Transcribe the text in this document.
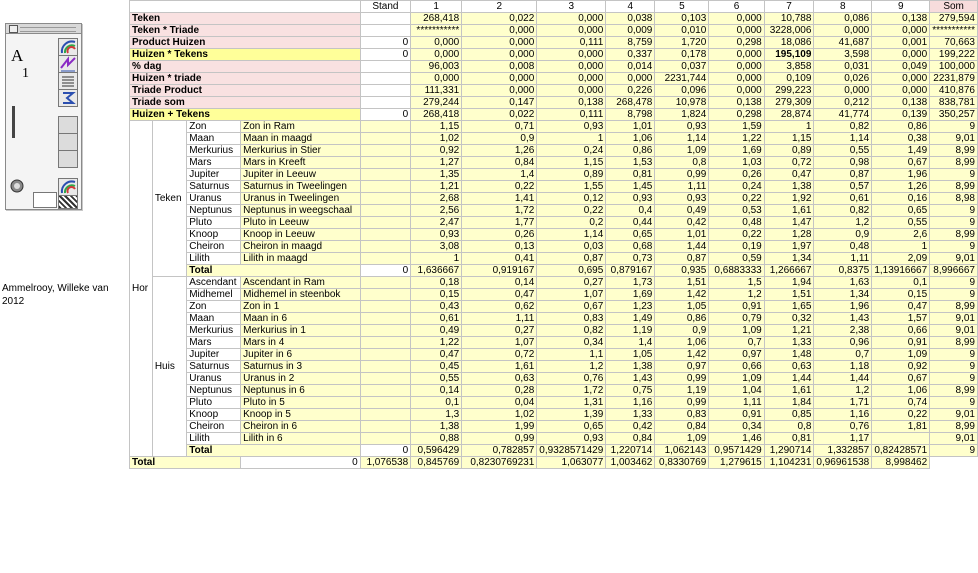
A
1
Ammelrooy, Willeke van
2012
				Stand	1	2	3	4	5	6	7	8	9	Som
Teken					268,418	0,022	0,000	0,038	0,103	0,000	10,788	0,086	0,138	279,594
Teken * Triade					***********	0,000	0,000	0,009	0,010	0,000	3228,006	0,000	0,000	***********
Product Huizen				0	0,000	0,000	0,111	8,759	1,720	0,298	18,086	41,687	0,001	70,663
Huizen * Tekens				0	0,000	0,000	0,000	0,337	0,178	0,000	195,109	3,598	0,000	199,222
% dag					96,003	0,008	0,000	0,014	0,037	0,000	3,858	0,031	0,049	100,000
Huizen * triade					0,000	0,000	0,000	0,000	2231,744	0,000	0,109	0,026	0,000	2231,879
Triade Product					111,331	0,000	0,000	0,226	0,096	0,000	299,223	0,000	0,000	410,876
Triade som					279,244	0,147	0,138	268,478	10,978	0,138	279,309	0,212	0,138	838,781
Huizen + Tekens				0	268,418	0,022	0,111	8,798	1,824	0,298	28,874	41,774	0,139	350,257
Hor	Teken	Zon	Zon in Ram		1,15	0,71	0,93	1,01	0,93	1,59	1	0,82	0,86	9
		Maan	Maan in maagd		1,02	0,9	1	1,06	1,14	1,22	1,15	1,14	0,38	9,01
		Merkurius	Merkurius in Stier		0,92	1,26	0,24	0,86	1,09	1,69	0,89	0,55	1,49	8,99
		Mars	Mars in Kreeft		1,27	0,84	1,15	1,53	0,8	1,03	0,72	0,98	0,67	8,99
		Jupiter	Jupiter in Leeuw		1,35	1,4	0,89	0,81	0,99	0,26	0,47	0,87	1,96	9
		Saturnus	Saturnus in Tweelingen		1,21	0,22	1,55	1,45	1,11	0,24	1,38	0,57	1,26	8,99
		Uranus	Uranus in Tweelingen		2,68	1,41	0,12	0,93	0,93	0,22	1,92	0,61	0,16	8,98
		Neptunus	Neptunus in weegschaal		2,56	1,72	0,22	0,4	0,49	0,53	1,61	0,82	0,65	9
		Pluto	Pluto in Leeuw		2,47	1,77	0,2	0,44	0,42	0,48	1,47	1,2	0,55	9
		Knoop	Knoop in Leeuw		0,93	0,26	1,14	0,65	1,01	0,22	1,28	0,9	2,6	8,99
		Cheiron	Cheiron in maagd		3,08	0,13	0,03	0,68	1,44	0,19	1,97	0,48	1	9
		Lilith	Lilith in maagd		1	0,41	0,87	0,73	0,87	0,59	1,34	1,11	2,09	9,01
		Total		0	1,636667	0,919167	0,695	0,879167	0,935	0,6883333	1,266667	0,8375	1,13916667	8,996667
	Huis	Ascendant	Ascendant in Ram		0,18	0,14	0,27	1,73	1,51	1,5	1,94	1,63	0,1	9
		Midhemel	Midhemel in steenbok		0,15	0,47	1,07	1,69	1,42	1,2	1,51	1,34	0,15	9
		Zon	Zon in 1		0,43	0,62	0,67	1,23	1,05	0,91	1,65	1,96	0,47	8,99
		Maan	Maan in 6		0,61	1,11	0,83	1,49	0,86	0,79	0,32	1,43	1,57	9,01
		Merkurius	Merkurius in 1		0,49	0,27	0,82	1,19	0,9	1,09	1,21	2,38	0,66	9,01
		Mars	Mars in 4		1,22	1,07	0,34	1,4	1,06	0,7	1,33	0,96	0,91	8,99
		Jupiter	Jupiter in 6		0,47	0,72	1,1	1,05	1,42	0,97	1,48	0,7	1,09	9
		Saturnus	Saturnus in 3		0,45	1,61	1,2	1,38	0,97	0,66	0,63	1,18	0,92	9
		Uranus	Uranus in 2		0,55	0,63	0,76	1,43	0,99	1,09	1,44	1,44	0,67	9
		Neptunus	Neptunus in 6		0,14	0,28	1,72	0,75	1,19	1,04	1,61	1,2	1,06	8,99
		Pluto	Pluto in 5		0,1	0,04	1,31	1,16	0,99	1,11	1,84	1,71	0,74	9
		Knoop	Knoop in 5		1,3	1,02	1,39	1,33	0,83	0,91	0,85	1,16	0,22	9,01
		Cheiron	Cheiron in 6		1,38	1,99	0,65	0,42	0,84	0,34	0,8	0,76	1,81	8,99
		Lilith	Lilith in 6		0,88	0,99	0,93	0,84	1,09	1,46	0,81	1,17		9,01
		Total		0	0,596429	0,782857	0,9328571429	1,220714	1,062143	0,9571429	1,290714	1,332857	0,82428571	9
Total			0	1,076538	0,845769	0,8230769231	1,063077	1,003462	0,8330769	1,279615	1,104231	0,96961538	8,998462	
